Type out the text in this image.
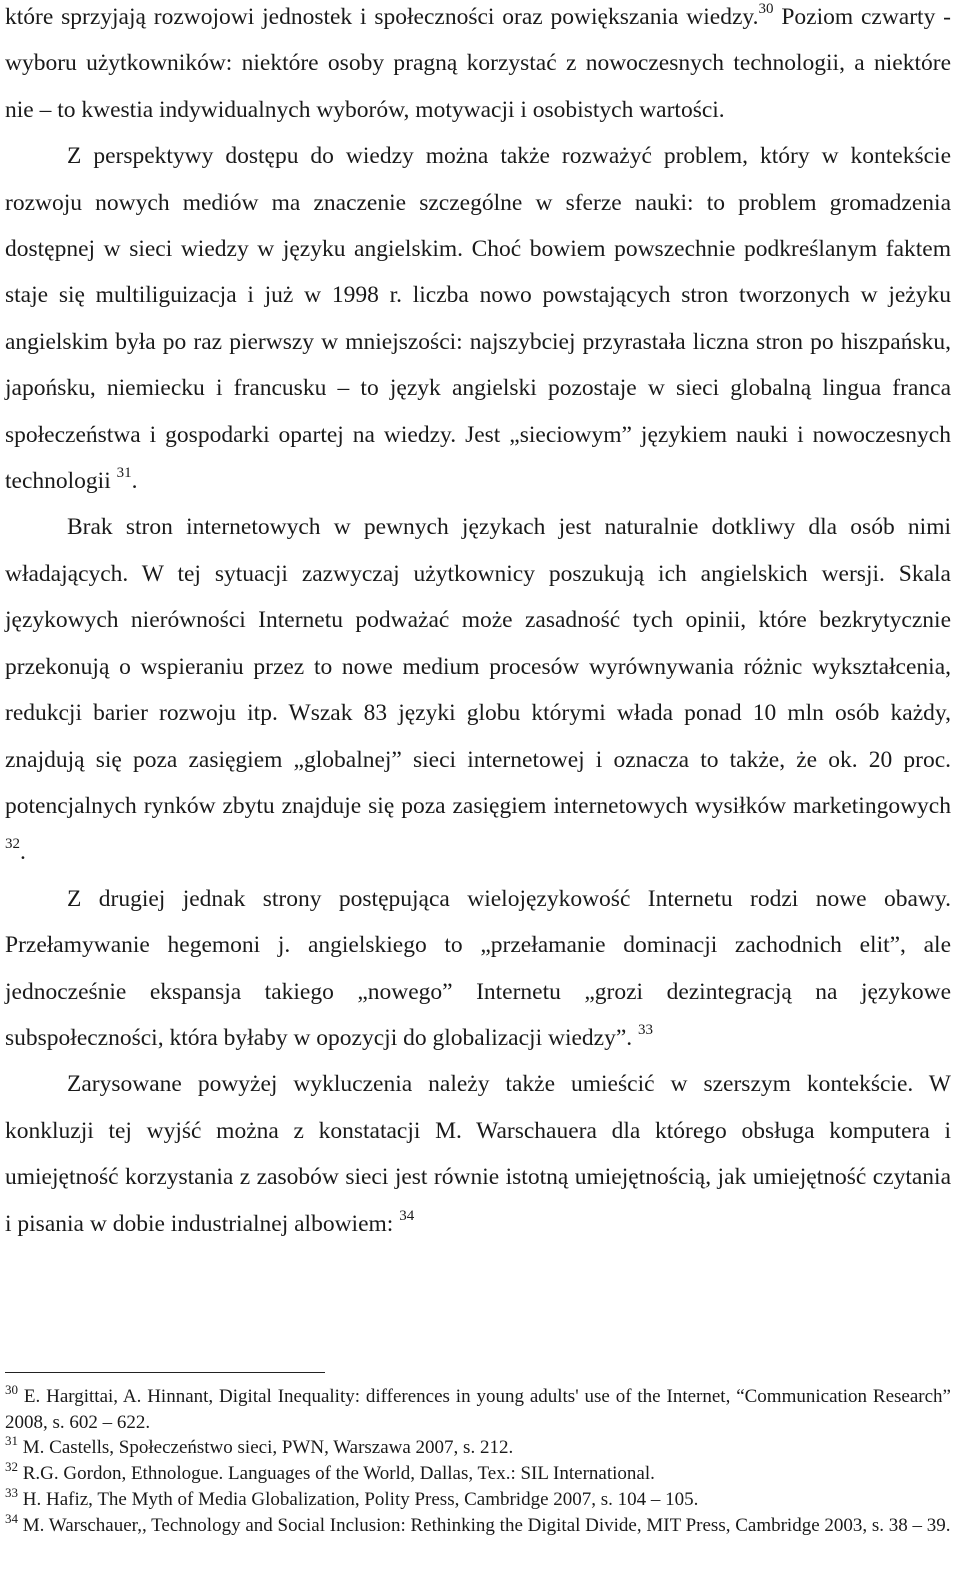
które sprzyjają rozwojowi jednostek i społeczności oraz powiększania wiedzy.$^{30}$ Poziom czwarty - wyboru użytkowników: niektóre osoby pragną korzystać z nowoczesnych technologii, a niektóre nie – to kwestia indywidualnych wyborów, motywacji i osobistych wartości.

Z perspektywy dostępu do wiedzy można także rozważyć problem, który w kontekście rozwoju nowych mediów ma znaczenie szczególne w sferze nauki: to problem gromadzenia dostępnej w sieci wiedzy w języku angielskim. Choć bowiem powszechnie podkreślanym faktem staje się multiliguizacja i już w 1998 r. liczba nowo powstających stron tworzonych w jeżyku angielskim była po raz pierwszy w mniejszości: najszybciej przyrastała liczna stron po hiszpańsku, japońsku, niemiecku i francusku – to język angielski pozostaje w sieci globalną lingua franca społeczeństwa i gospodarki opartej na wiedzy. Jest „sieciowym” językiem nauki i nowoczesnych technologii $^{31}$.

Brak stron internetowych w pewnych językach jest naturalnie dotkliwy dla osób nimi władających. W tej sytuacji zazwyczaj użytkownicy poszukują ich angielskich wersji. Skala językowych nierówności Internetu podważać może zasadność tych opinii, które bezkrytycznie przekonują o wspieraniu przez to nowe medium procesów wyrównywania różnic wykształcenia, redukcji barier rozwoju itp. Wszak 83 języki globu którymi włada ponad 10 mln osób każdy, znajdują się poza zasięgiem „globalnej” sieci internetowej i oznacza to także, że ok. 20 proc. potencjalnych rynków zbytu znajduje się poza zasięgiem internetowych wysiłków marketingowych $^{32}$.

Z drugiej jednak strony postępująca wielojęzykowość Internetu rodzi nowe obawy. Przełamywanie hegemoni j. angielskiego to „przełamanie dominacji zachodnich elit”, ale jednocześnie ekspansja takiego „nowego” Internetu „grozi dezintegracją na językowe subspołeczności, która byłaby w opozycji do globalizacji wiedzy”. $^{33}$

Zarysowane powyżej wykluczenia należy także umieścić w szerszym kontekście. W konkluzji tej wyjść można z konstatacji M. Warschauera dla którego obsługa komputera i umiejętność korzystania z zasobów sieci jest równie istotną umiejętnością, jak umiejętność czytania i pisania w dobie industrialnej albowiem: $^{34}$

$^{30}$ E. Hargittai, A. Hinnant, Digital Inequality: differences in young adults' use of the Internet, “Communication Research” 2008, s. 602 – 622.

$^{31}$ M. Castells, Społeczeństwo sieci, PWN, Warszawa 2007, s. 212.

$^{32}$ R.G. Gordon, Ethnologue. Languages of the World, Dallas, Tex.: SIL International.

$^{33}$ H. Hafiz, The Myth of Media Globalization, Polity Press, Cambridge 2007, s. 104 – 105.

$^{34}$ M. Warschauer,, Technology and Social Inclusion: Rethinking the Digital Divide, MIT Press, Cambridge 2003, s. 38 – 39.
